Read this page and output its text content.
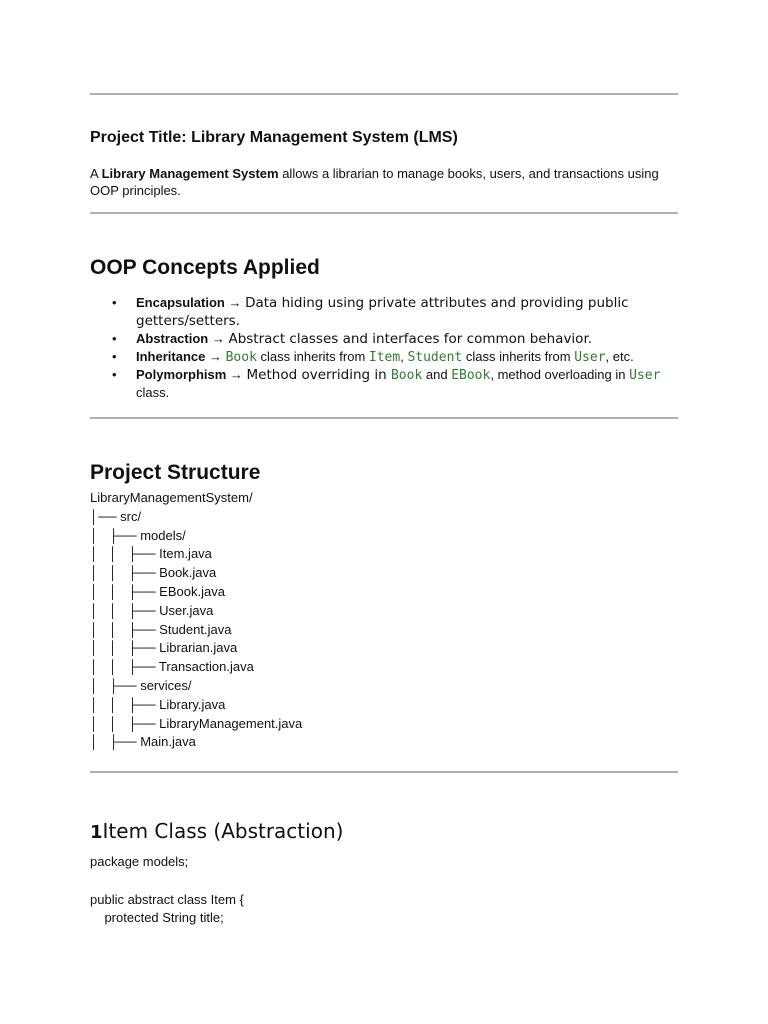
Project Title: Library Management System (LMS)
A Library Management System allows a librarian to manage books, users, and transactions using OOP principles.
OOP Concepts Applied
• Encapsulation → Data hiding using private attributes and providing public getters/setters.
• Abstraction → Abstract classes and interfaces for common behavior.
• Inheritance → Book class inherits from Item, Student class inherits from User, etc.
• Polymorphism → Method overriding in Book and EBook, method overloading in User class.
Project Structure
LibraryManagementSystem/
│── src/
│   ├── models/
│   │   ├── Item.java
│   │   ├── Book.java
│   │   ├── EBook.java
│   │   ├── User.java
│   │   ├── Student.java
│   │   ├── Librarian.java
│   │   ├── Transaction.java
│   ├── services/
│   │   ├── Library.java
│   │   ├── LibraryManagement.java
│   ├── Main.java
1Item Class (Abstraction)
package models;

public abstract class Item {
protected String title;
